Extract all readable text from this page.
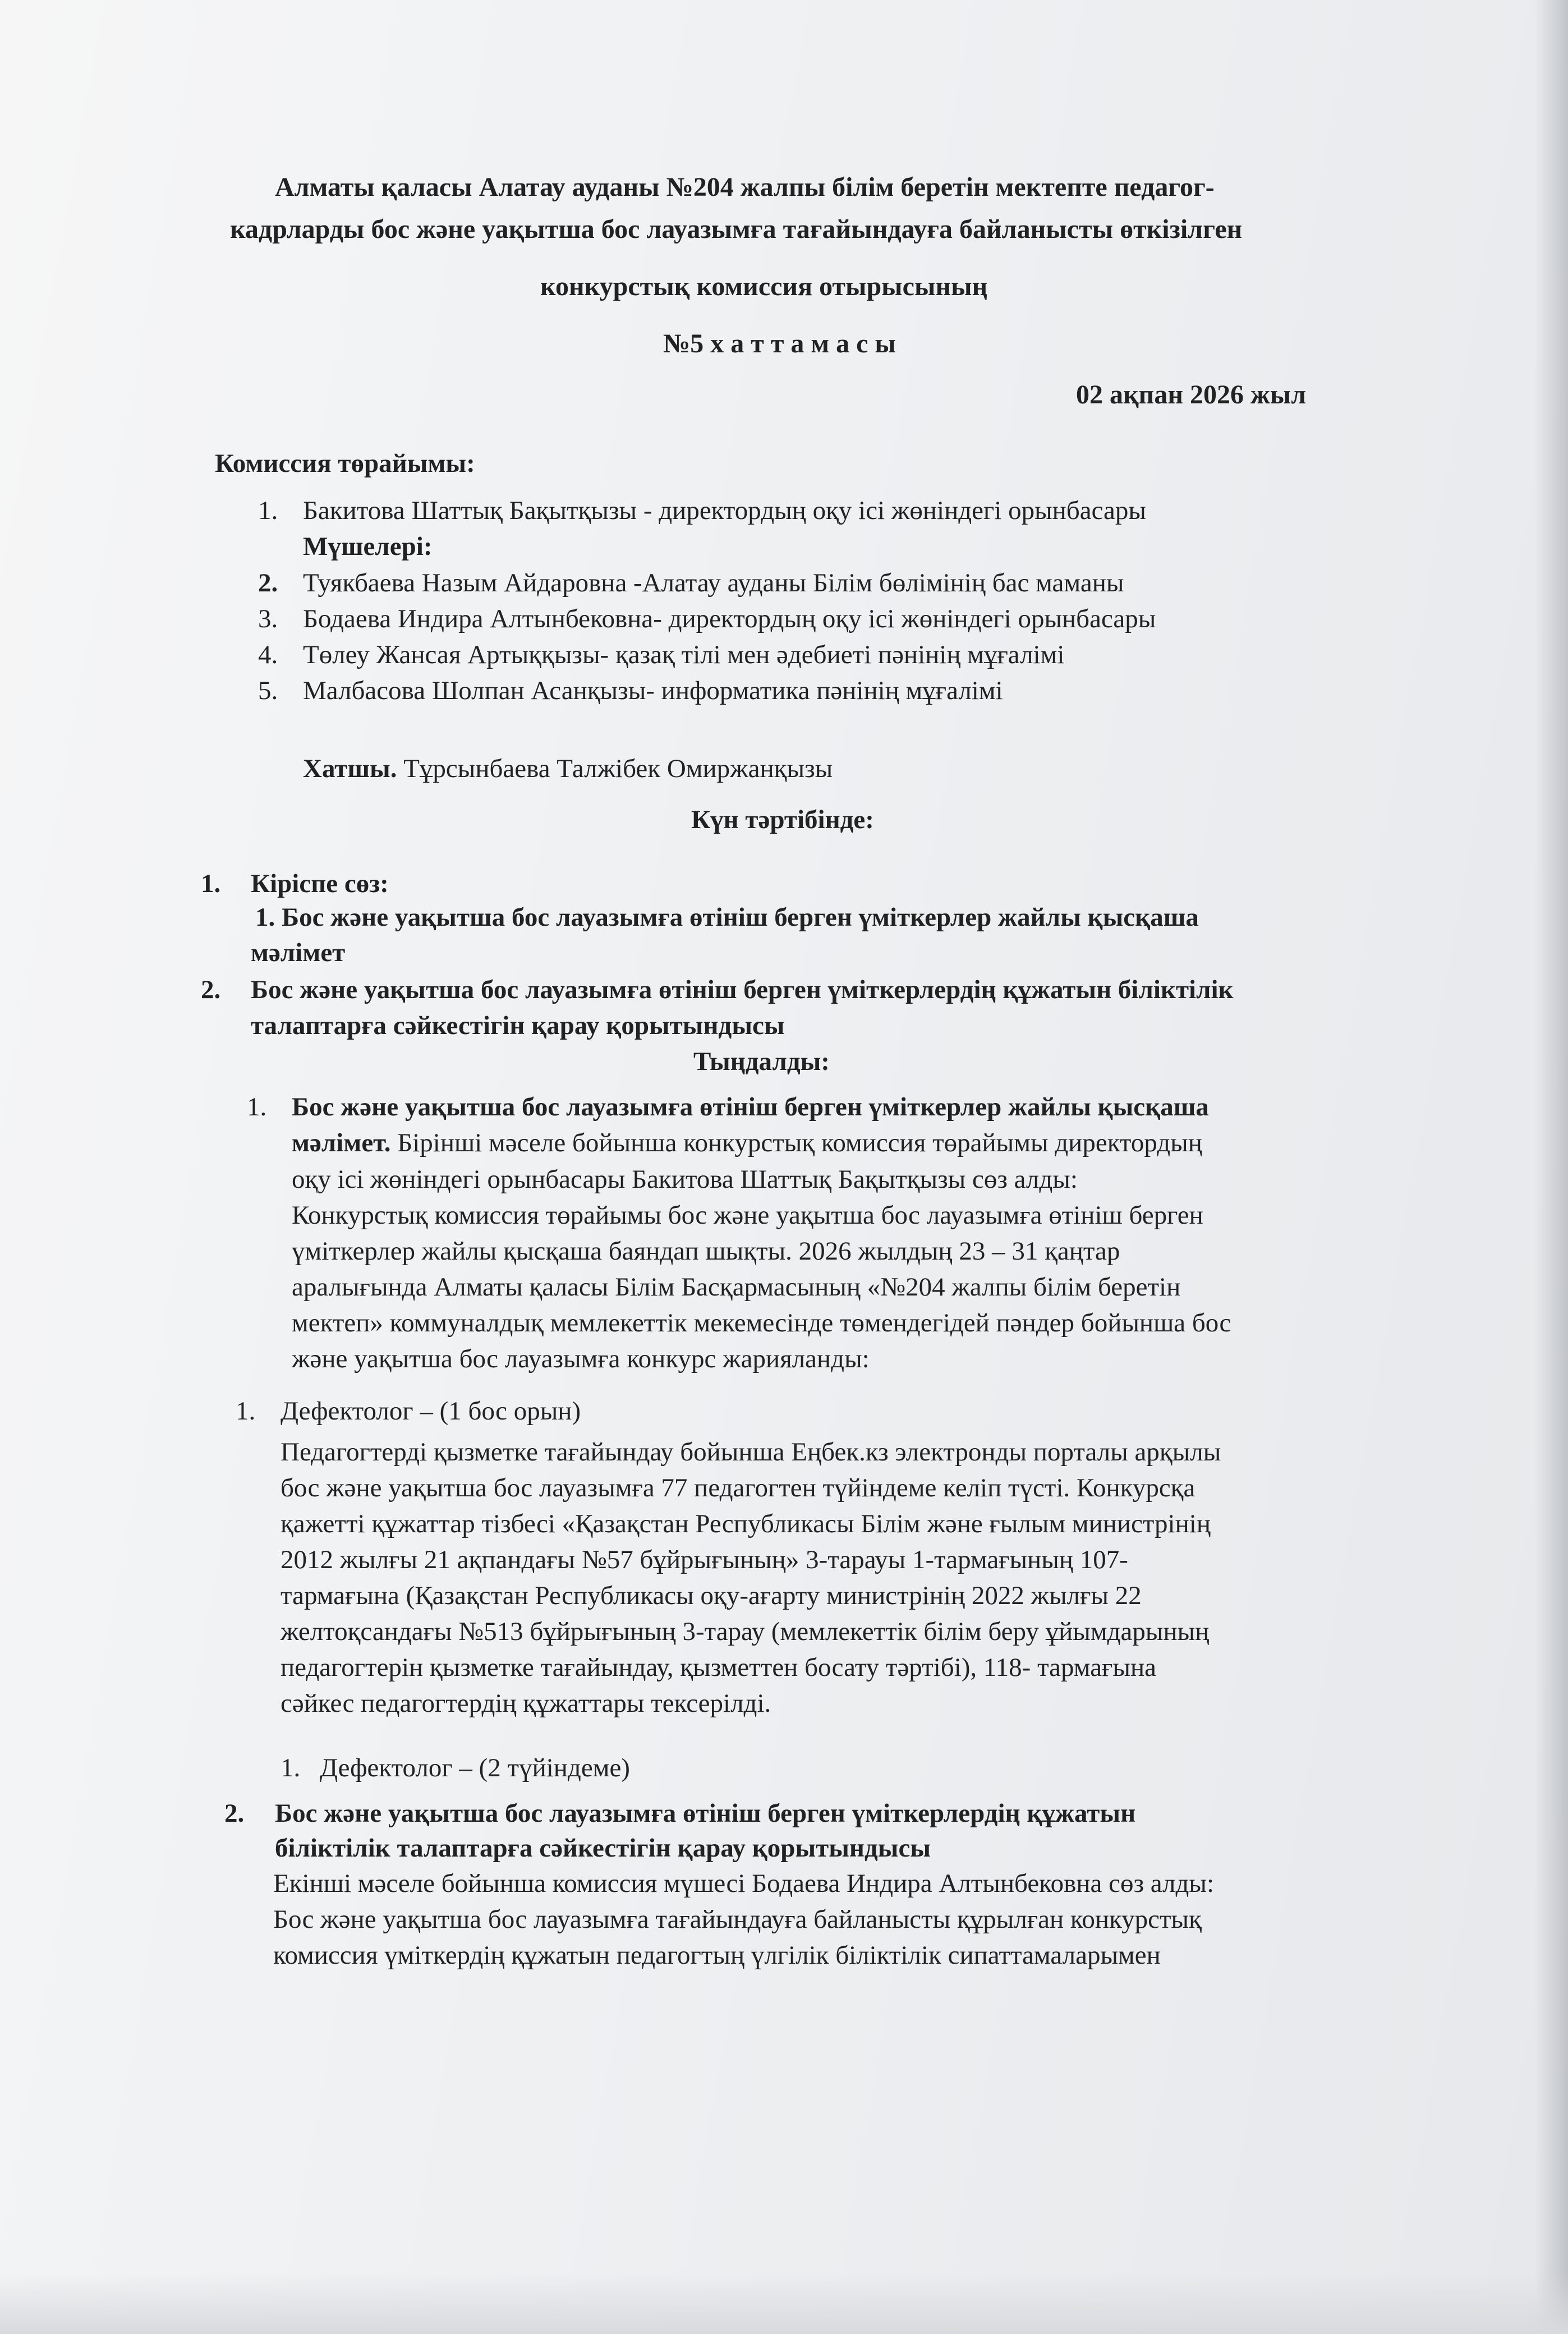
Алматы қаласы Алатау ауданы №204 жалпы білім беретін мектепте педагог-
кадрларды бос және уақытша бос лауазымға тағайындауға байланысты өткізілген
конкурстық комиссия отырысының
№5 х а т т а м а с ы
02 ақпан 2026 жыл
Комиссия төрайымы:
1. Бакитова Шаттық Бақытқызы - директордың оқу ісі жөніндегі орынбасары
Мүшелері:
2. Туякбаева Назым Айдаровна -Алатау ауданы Білім бөлімінің бас маманы
3. Бодаева Индира Алтынбековна- директордың оқу ісі жөніндегі орынбасары
4. Төлеу Жансая Артыққызы- қазақ тілі мен әдебиеті пәнінің мұғалімі
5. Малбасова Шолпан Асанқызы- информатика пәнінің мұғалімі
Хатшы. Тұрсынбаева Талжібек Омиржанқызы
Күн тәртібінде:
1. Кіріспе сөз:
1. Бос және уақытша бос лауазымға өтініш берген үміткерлер жайлы қысқаша
мәлімет
2. Бос және уақытша бос лауазымға өтініш берген үміткерлердің құжатын біліктілік
талаптарға сәйкестігін қарау қорытындысы
Тыңдалды:
1. Бос және уақытша бос лауазымға өтініш берген үміткерлер жайлы қысқаша
мәлімет. Бірінші мәселе бойынша конкурстық комиссия төрайымы директордың
оқу ісі жөніндегі орынбасары Бакитова Шаттық Бақытқызы сөз алды:
Конкурстық комиссия төрайымы бос және уақытша бос лауазымға өтініш берген
үміткерлер жайлы қысқаша баяндап шықты. 2026 жылдың 23 – 31 қаңтар
аралығында Алматы қаласы Білім Басқармасының «№204 жалпы білім беретін
мектеп» коммуналдық мемлекеттік мекемесінде төмендегідей пәндер бойынша бос
және уақытша бос лауазымға конкурс жарияланды:
1. Дефектолог – (1 бос орын)
Педагогтерді қызметке тағайындау бойынша Еңбек.кз электронды порталы арқылы
бос және уақытша бос лауазымға 77 педагогтен түйіндеме келіп түсті. Конкурсқа
қажетті құжаттар тізбесі «Қазақстан Республикасы Білім және ғылым министрінің
2012 жылғы 21 ақпандағы №57 бұйрығының» 3-тарауы 1-тармағының 107-
тармағына (Қазақстан Республикасы оқу-ағарту министрінің 2022 жылғы 22
желтоқсандағы №513 бұйрығының 3-тарау (мемлекеттік білім беру ұйымдарының
педагогтерін қызметке тағайындау, қызметтен босату тәртібі), 118- тармағына
сәйкес педагогтердің құжаттары тексерілді.
1. Дефектолог – (2 түйіндеме)
2. Бос және уақытша бос лауазымға өтініш берген үміткерлердің құжатын
біліктілік талаптарға сәйкестігін қарау қорытындысы
Екінші мәселе бойынша комиссия мүшесі Бодаева Индира Алтынбековна сөз алды:
Бос және уақытша бос лауазымға тағайындауға байланысты құрылған конкурстық
комиссия үміткердің құжатын педагогтың үлгілік біліктілік сипаттамаларымен
